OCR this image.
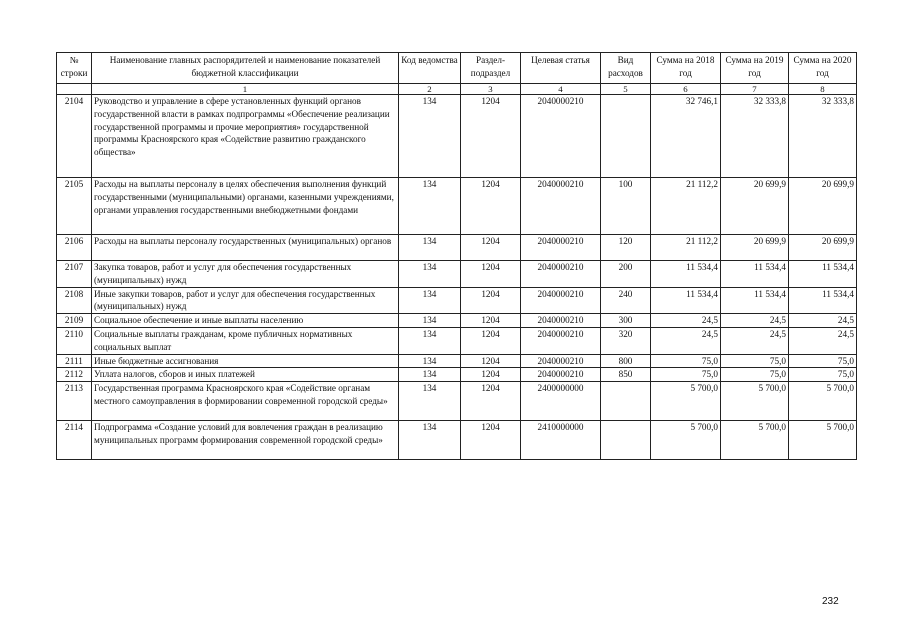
№ строки	Наименование главных распорядителей и наименование показателей бюджетной классификации	Код ведомства	Раздел-подраздел	Целевая статья	Вид расходов	Сумма на 2018 год	Сумма на 2019 год	Сумма на 2020 год
	1	2	3	4	5	6	7	8
2104	Руководство и управление в сфере установленных функций органов государственной власти в рамках подпрограммы «Обеспечение реализации государственной программы и прочие мероприятия» государственной программы Красноярского края «Содействие развитию гражданского общества»	134	1204	2040000210		32 746,1	32 333,8	32 333,8
2105	Расходы на выплаты персоналу в целях обеспечения выполнения функций государственными (муниципальными) органами, казенными учреждениями, органами управления государственными внебюджетными фондами	134	1204	2040000210	100	21 112,2	20 699,9	20 699,9
2106	Расходы на выплаты персоналу государственных (муниципальных) органов	134	1204	2040000210	120	21 112,2	20 699,9	20 699,9
2107	Закупка товаров, работ и услуг для обеспечения государственных (муниципальных) нужд	134	1204	2040000210	200	11 534,4	11 534,4	11 534,4
2108	Иные закупки товаров, работ и услуг для обеспечения государственных (муниципальных) нужд	134	1204	2040000210	240	11 534,4	11 534,4	11 534,4
2109	Социальное обеспечение и иные выплаты населению	134	1204	2040000210	300	24,5	24,5	24,5
2110	Социальные выплаты гражданам, кроме публичных нормативных социальных выплат	134	1204	2040000210	320	24,5	24,5	24,5
2111	Иные бюджетные ассигнования	134	1204	2040000210	800	75,0	75,0	75,0
2112	Уплата налогов, сборов и иных платежей	134	1204	2040000210	850	75,0	75,0	75,0
2113	Государственная программа Красноярского края «Содействие органам местного самоуправления в формировании современной городской среды»	134	1204	2400000000		5 700,0	5 700,0	5 700,0
2114	Подпрограмма «Создание условий для вовлечения граждан в реализацию муниципальных программ формирования современной городской среды»	134	1204	2410000000		5 700,0	5 700,0	5 700,0
232
